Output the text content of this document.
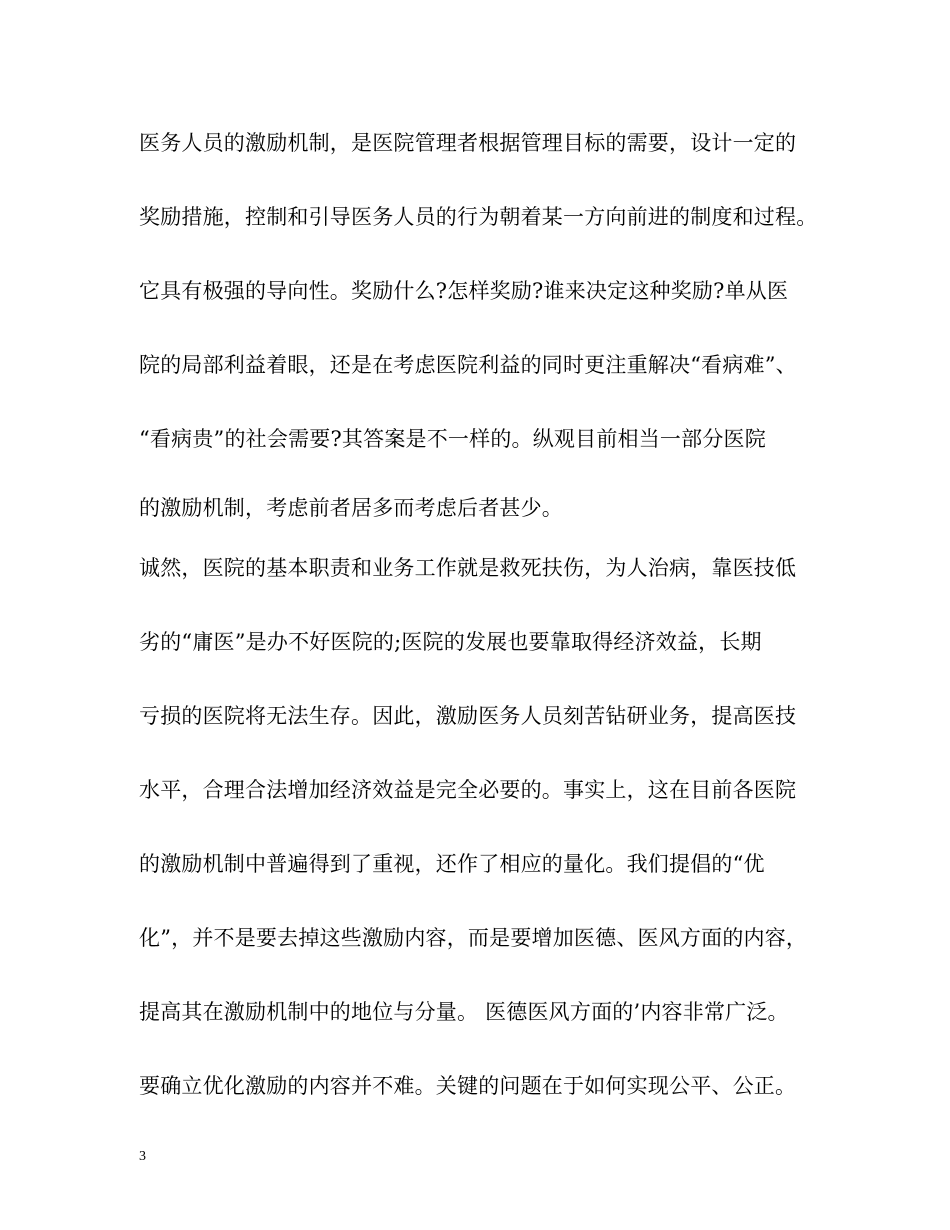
医务人员的激励机制，是医院管理者根据管理目标的需要，设计一定的
奖励措施，控制和引导医务人员的行为朝着某一方向前进的制度和过程。
它具有极强的导向性。奖励什么?怎样奖励?谁来决定这种奖励?单从医
院的局部利益着眼，还是在考虑医院利益的同时更注重解决“看病难”、
“看病贵”的社会需要?其答案是不一样的。纵观目前相当一部分医院
的激励机制，考虑前者居多而考虑后者甚少。
诚然，医院的基本职责和业务工作就是救死扶伤，为人治病，靠医技低
劣的“庸医”是办不好医院的;医院的发展也要靠取得经济效益，长期
亏损的医院将无法生存。因此，激励医务人员刻苦钻研业务，提高医技
水平，合理合法增加经济效益是完全必要的。事实上，这在目前各医院
的激励机制中普遍得到了重视，还作了相应的量化。我们提倡的“优
化”，并不是要去掉这些激励内容，而是要增加医德、医风方面的内容，
提高其在激励机制中的地位与分量。 医德医风方面的’内容非常广泛。
要确立优化激励的内容并不难。关键的问题在于如何实现公平、公正。
3
